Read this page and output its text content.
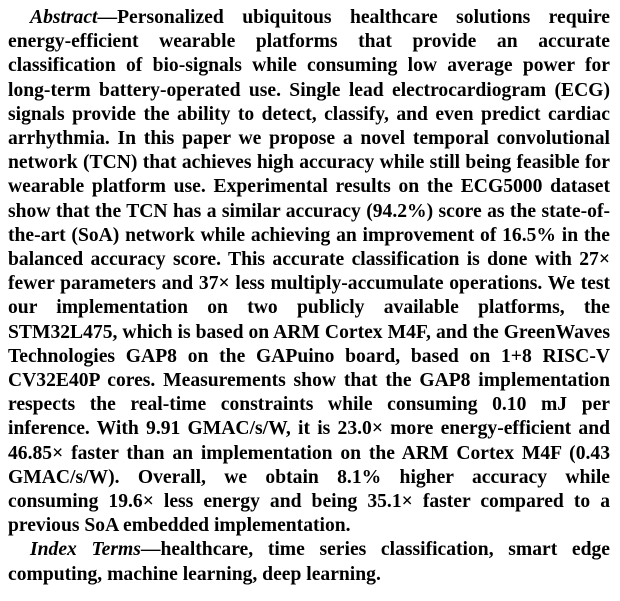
Abstract—Personalized ubiquitous healthcare solutions require energy-efficient wearable platforms that provide an accurate classification of bio-signals while consuming low average power for long-term battery-operated use. Single lead electrocardiogram (ECG) signals provide the ability to detect, classify, and even predict cardiac arrhythmia. In this paper we propose a novel temporal convolutional network (TCN) that achieves high accuracy while still being feasible for wearable platform use. Experimental results on the ECG5000 dataset show that the TCN has a similar accuracy (94.2%) score as the state-of-the-art (SoA) network while achieving an improvement of 16.5% in the balanced accuracy score. This accurate classification is done with 27× fewer parameters and 37× less multiply-accumulate operations. We test our implementation on two publicly available platforms, the STM32L475, which is based on ARM Cortex M4F, and the GreenWaves Technologies GAP8 on the GAPuino board, based on 1+8 RISC-V CV32E40P cores. Measurements show that the GAP8 implementation respects the real-time constraints while consuming 0.10 mJ per inference. With 9.91 GMAC/s/W, it is 23.0× more energy-efficient and 46.85× faster than an implementation on the ARM Cortex M4F (0.43 GMAC/s/W). Overall, we obtain 8.1% higher accuracy while consuming 19.6× less energy and being 35.1× faster compared to a previous SoA embedded implementation.

Index Terms—healthcare, time series classification, smart edge computing, machine learning, deep learning.
